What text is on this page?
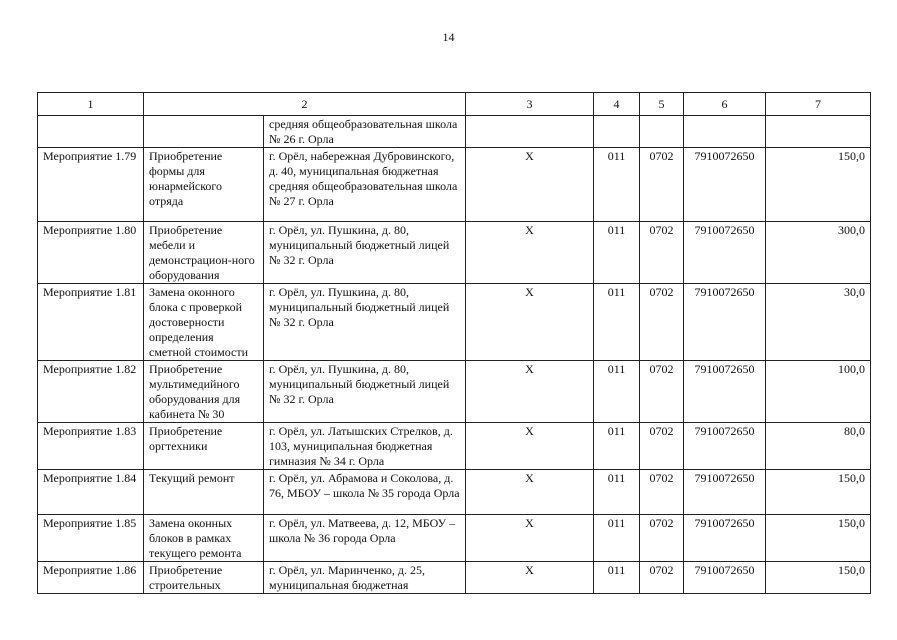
14
1	2		3	4	5	6	7
		средняя общеобразовательная школа № 26 г. Орла					
Мероприятие 1.79	Приобретение формы для юнармейского отряда	г. Орёл, набережная Дубровинского, д. 40, муниципальная бюджетная средняя общеобразовательная школа № 27 г. Орла	X	011	0702	7910072650	150,0
Мероприятие 1.80	Приобретение мебели и демонстрацион-ного оборудования	г. Орёл, ул. Пушкина, д. 80, муниципальный бюджетный лицей № 32 г. Орла	X	011	0702	7910072650	300,0
Мероприятие 1.81	Замена оконного блока с проверкой достоверности определения сметной стоимости	г. Орёл, ул. Пушкина, д. 80, муниципальный бюджетный лицей № 32 г. Орла	X	011	0702	7910072650	30,0
Мероприятие 1.82	Приобретение мультимедийного оборудования для кабинета № 30	г. Орёл, ул. Пушкина, д. 80, муниципальный бюджетный лицей № 32 г. Орла	X	011	0702	7910072650	100,0
Мероприятие 1.83	Приобретение оргтехники	г. Орёл, ул. Латышских Стрелков, д. 103, муниципальная бюджетная гимназия № 34 г. Орла	X	011	0702	7910072650	80,0
Мероприятие 1.84	Текущий ремонт	г. Орёл, ул. Абрамова и Соколова, д. 76, МБОУ – школа № 35 города Орла	X	011	0702	7910072650	150,0
Мероприятие 1.85	Замена оконных блоков в рамках текущего ремонта	г. Орёл, ул. Матвеева, д. 12, МБОУ – школа № 36 города Орла	X	011	0702	7910072650	150,0
Мероприятие 1.86	Приобретение строительных	г. Орёл, ул. Маринченко, д. 25, муниципальная бюджетная	X	011	0702	7910072650	150,0
